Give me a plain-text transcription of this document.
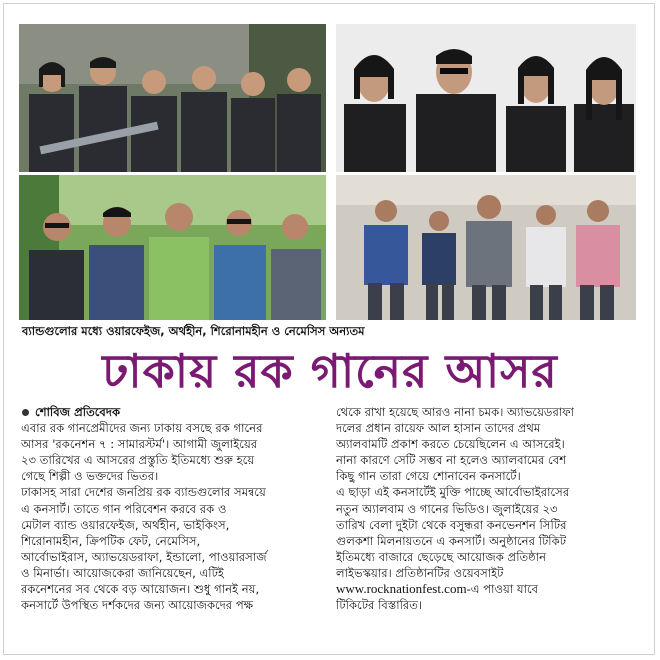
ব্যান্ডগুলোর মধ্যে ওয়ারফেইজ, অর্থহীন, শিরোনামহীন ও নেমেসিস অন্যতম
ঢাকায় রক গানের আসর
শোবিজ প্রতিবেদক
এবার রক গানপ্রেমীদের জন্য ঢাকায় বসছে রক গানের
আসর 'রকনেশন ৭ : সামারস্টর্ম'। আগামী জুলাইয়ের
২৩ তারিখের এ আসরের প্রস্তুতি ইতিমধ্যে শুরু হয়ে
গেছে শিল্পী ও ভক্তদের ভিতর।
ঢাকাসহ সারা দেশের জনপ্রিয় রক ব্যান্ডগুলোর সমন্বয়ে
এ কনসার্ট। তাতে গান পরিবেশন করবে রক ও
মেটাল ব্যান্ড ওয়ারফেইজ, অর্থহীন, ভাইকিংস,
শিরোনামহীন, ক্রিপটিক ফেট, নেমেসিস,
আর্বোভাইরাস, অ্যাভয়েডরাফা, ইন্ডালো, পাওয়ারসার্জ
ও মিনার্ভা। আয়োজকেরা জানিয়েছেন, এটিই
রকনেশনের সব থেকে বড় আয়োজন। শুধু গানই নয়,
কনসার্টে উপস্থিত দর্শকদের জন্য আয়োজকদের পক্ষ
থেকে রাখা হয়েছে আরও নানা চমক। অ্যাভয়েডরাফা
দলের প্রধান রায়েফ আল হাসান তাদের প্রথম
অ্যালবামটি প্রকাশ করতে চেয়েছিলেন এ আসরেই।
নানা কারণে সেটি সম্ভব না হলেও অ্যালবামের বেশ
কিছু গান তারা গেয়ে শোনাবেন কনসার্টে।
এ ছাড়া এই কনসার্টেই মুক্তি পাচ্ছে আর্বোভাইরাসের
নতুন অ্যালবাম ও গানের ভিডিও। জুলাইয়ের ২৩
তারিখ বেলা দুইটা থেকে বসুন্ধরা কনভেনশন সিটির
গুলকশা মিলনায়তনে এ কনসার্ট। অনুষ্ঠানের টিকিট
ইতিমধ্যে বাজারে ছেড়েছে আয়োজক প্রতিষ্ঠান
লাইভস্কয়ার। প্রতিষ্ঠানটির ওয়েবসাইট
www.rocknationfest.com-এ পাওয়া যাবে
টিকিটের বিস্তারিত।
